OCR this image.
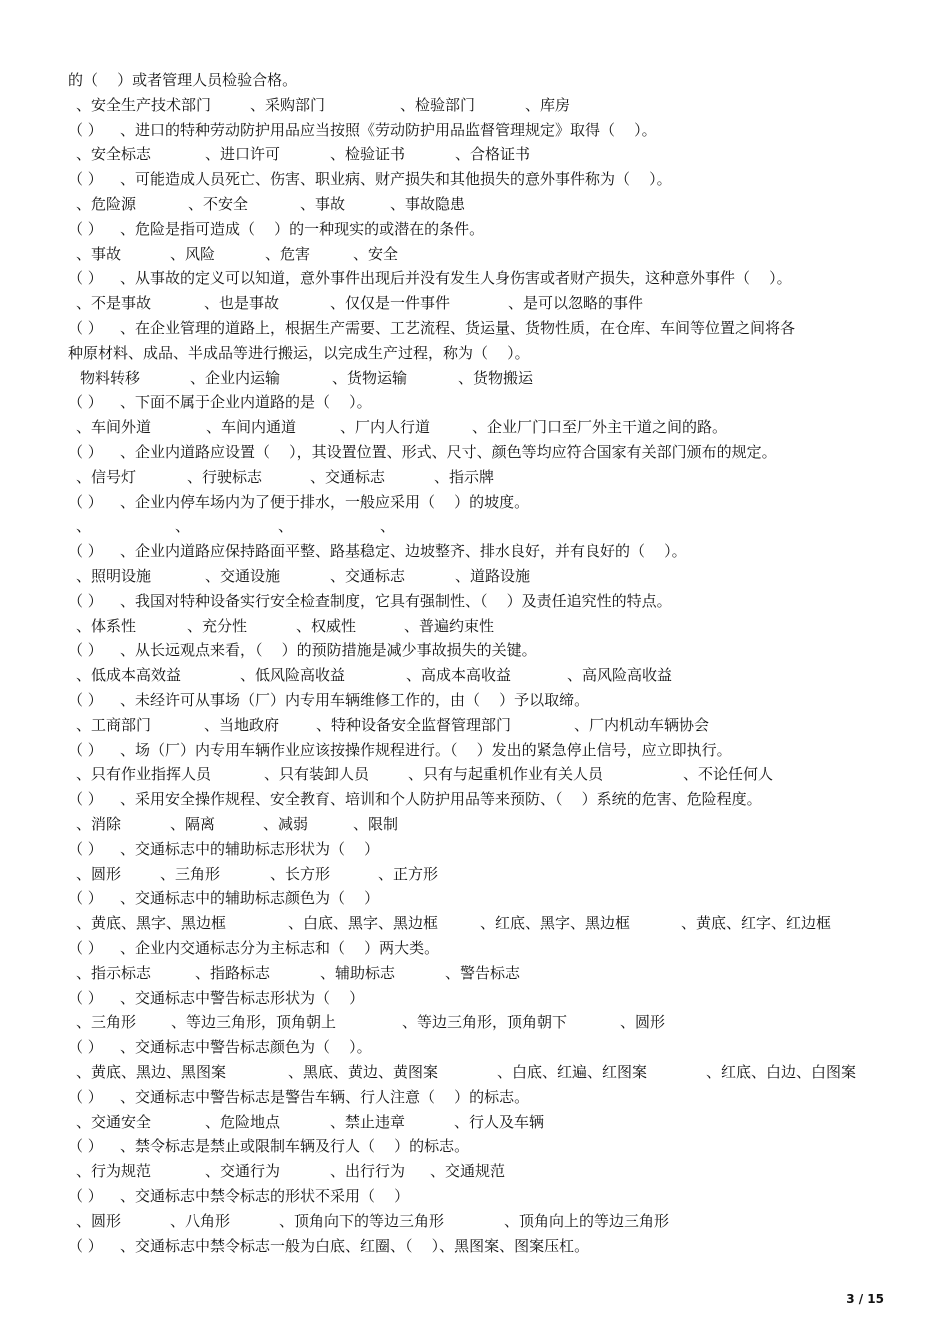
的（    ）或者管理人员检验合格。
、安全生产技术部门	、采购部门	、检验部门	、库房
（ ） 、进口的特种劳动防护用品应当按照《劳动防护用品监督管理规定》取得（    ）。
、安全标志	、进口许可	、检验证书	、合格证书
（ ） 、可能造成人员死亡、伤害、职业病、财产损失和其他损失的意外事件称为（    ）。
、危险源	、不安全	、事故	、事故隐患
（ ） 、危险是指可造成（    ）的一种现实的或潜在的条件。
、事故	、风险	、危害	、安全
（ ） 、从事故的定义可以知道，意外事件出现后并没有发生人身伤害或者财产损失，这种意外事件（    ）。
、不是事故	、也是事故	、仅仅是一件事件	、是可以忽略的事件
（ ） 、在企业管理的道路上，根据生产需要、工艺流程、货运量、货物性质，在仓库、车间等位置之间将各
种原材料、成品、半成品等进行搬运，以完成生产过程，称为（    ）。
物料转移	、企业内运输	、货物运输	、货物搬运
（ ） 、下面不属于企业内道路的是（    ）。
、车间外道	、车间内通道	、厂内人行道	、企业厂门口至厂外主干道之间的路。
（ ） 、企业内道路应设置（    ），其设置位置、形式、尺寸、颜色等均应符合国家有关部门颁布的规定。
、信号灯	、行驶标志	、交通标志	、指示牌
（ ） 、企业内停车场内为了便于排水，一般应采用（    ）的坡度。
、	、	、	、
（ ） 、企业内道路应保持路面平整、路基稳定、边坡整齐、排水良好，并有良好的（    ）。
、照明设施	、交通设施	、交通标志	、道路设施
（ ） 、我国对特种设备实行安全检查制度，它具有强制性、（    ）及责任追究性的特点。
、体系性	、充分性	、权威性	、普遍约束性
（ ） 、从长远观点来看，（    ）的预防措施是减少事故损失的关键。
、低成本高效益	、低风险高收益	、高成本高收益	、高风险高收益
（ ） 、未经许可从事场（厂）内专用车辆维修工作的，由（    ）予以取缔。
、工商部门	、当地政府 、特种设备安全监督管理部门	、厂内机动车辆协会
（ ） 、场（厂）内专用车辆作业应该按操作规程进行。（    ）发出的紧急停止信号，应立即执行。
、只有作业指挥人员	、只有装卸人员	、只有与起重机作业有关人员	、不论任何人
（ ） 、采用安全操作规程、安全教育、培训和个人防护用品等来预防、（    ）系统的危害、危险程度。
、消除	、隔离	、减弱	、限制
（ ） 、交通标志中的辅助标志形状为（    ）
、圆形	、三角形	、长方形	、正方形
（ ） 、交通标志中的辅助标志颜色为（    ）
、黄底、黑字、黑边框	、白底、黑字、黑边框	、红底、黑字、黑边框	、黄底、红字、红边框
（ ） 、企业内交通标志分为主标志和（    ）两大类。
、指示标志	、指路标志	、辅助标志	、警告标志
（ ） 、交通标志中警告标志形状为（    ）
、三角形 、等边三角形，顶角朝上	、等边三角形，顶角朝下	、圆形
（ ） 、交通标志中警告标志颜色为（    ）。
、黄底、黑边、黑图案	、黑底、黄边、黄图案	、白底、红遍、红图案	、红底、白边、白图案
（ ） 、交通标志中警告标志是警告车辆、行人注意（    ）的标志。
、交通安全	、危险地点	、禁止违章	、行人及车辆
（ ） 、禁令标志是禁止或限制车辆及行人（    ）的标志。
、行为规范	、交通行为	、出行行为 、交通规范
（ ） 、交通标志中禁令标志的形状不采用（    ）
、圆形	、八角形	、顶角向下的等边三角形	、顶角向上的等边三角形
（ ） 、交通标志中禁令标志一般为白底、红圈、（    ）、黑图案、图案压杠。
3 / 15
